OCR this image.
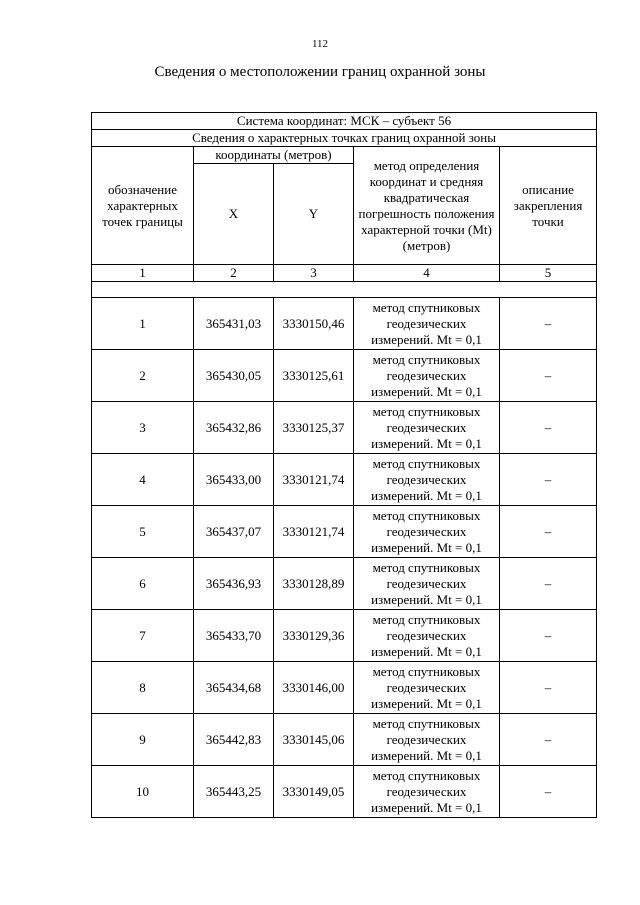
112
Сведения о местоположении границ охранной зоны
Система координат: МСК – субъект 56				
Сведения о характерных точках границ охранной зоны				
обозначение характерных точек границы	координаты (метров)		метод определения координат и средняя квадратическая погрешность положения характерной точки (Mt) (метров)	описание закрепления точки
	X	Y		
1	2	3	4	5

1	365431,03	3330150,46	метод спутниковых геодезических измерений. Mt = 0,1	–
2	365430,05	3330125,61	метод спутниковых геодезических измерений. Mt = 0,1	–
3	365432,86	3330125,37	метод спутниковых геодезических измерений. Mt = 0,1	–
4	365433,00	3330121,74	метод спутниковых геодезических измерений. Mt = 0,1	–
5	365437,07	3330121,74	метод спутниковых геодезических измерений. Mt = 0,1	–
6	365436,93	3330128,89	метод спутниковых геодезических измерений. Mt = 0,1	–
7	365433,70	3330129,36	метод спутниковых геодезических измерений. Mt = 0,1	–
8	365434,68	3330146,00	метод спутниковых геодезических измерений. Mt = 0,1	–
9	365442,83	3330145,06	метод спутниковых геодезических измерений. Mt = 0,1	–
10	365443,25	3330149,05	метод спутниковых геодезических измерений. Mt = 0,1	–
